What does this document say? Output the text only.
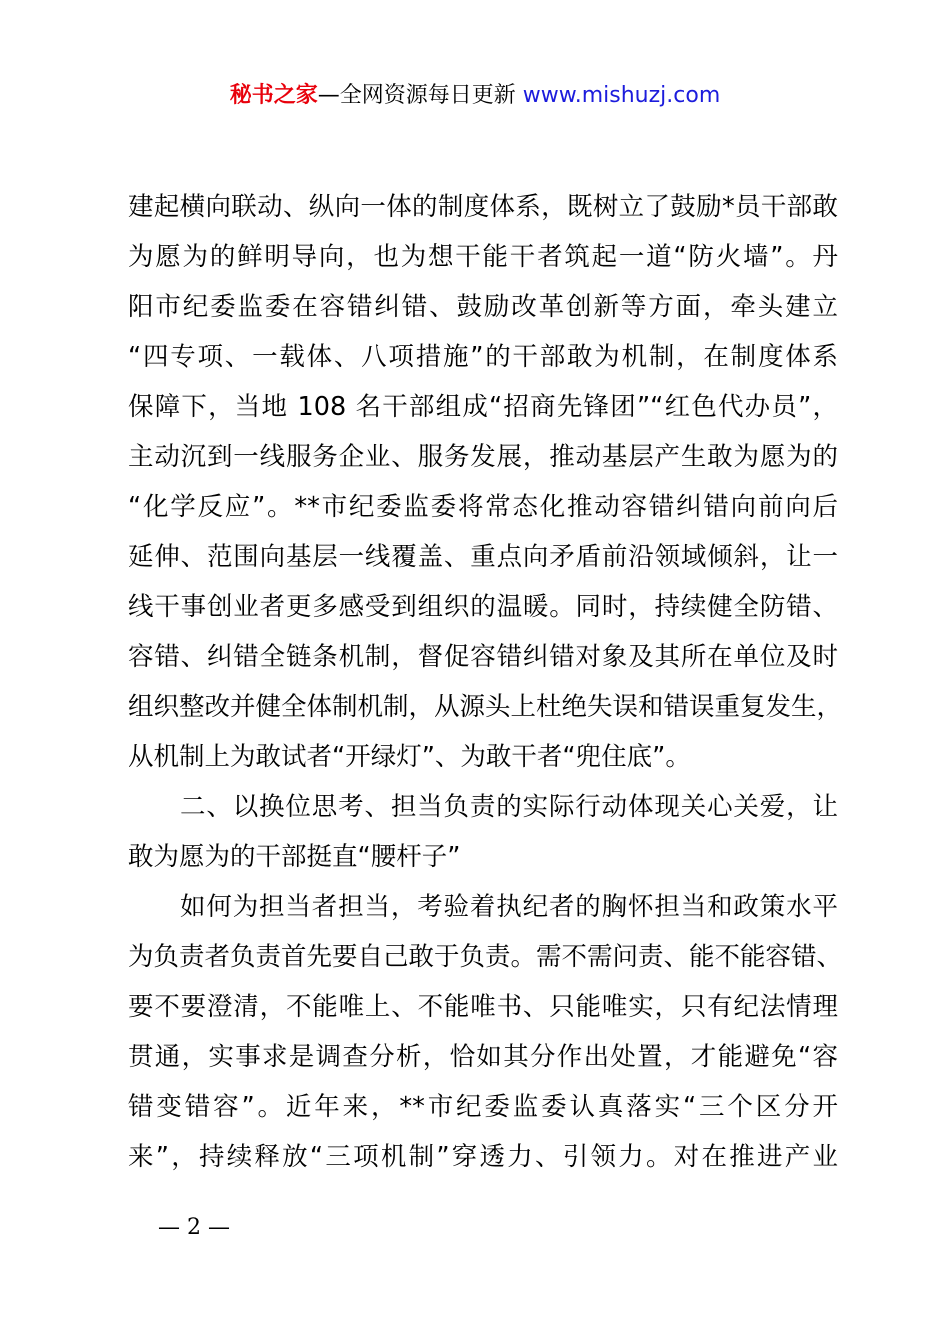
秘书之家—全网资源每日更新 www.mishuzj.com
建起横向联动、纵向一体的制度体系，既树立了鼓励*员干部敢
为愿为的鲜明导向，也为想干能干者筑起一道“防火墙”。丹
阳市纪委监委在容错纠错、鼓励改革创新等方面，牵头建立
“四专项、一载体、八项措施”的干部敢为机制，在制度体系
保障下，当地 108 名干部组成“招商先锋团”“红色代办员”，
主动沉到一线服务企业、服务发展，推动基层产生敢为愿为的
“化学反应”。**市纪委监委将常态化推动容错纠错向前向后
延伸、范围向基层一线覆盖、重点向矛盾前沿领域倾斜，让一
线干事创业者更多感受到组织的温暖。同时，持续健全防错、
容错、纠错全链条机制，督促容错纠错对象及其所在单位及时
组织整改并健全体制机制，从源头上杜绝失误和错误重复发生，
从机制上为敢试者“开绿灯”、为敢干者“兜住底”。
二、以换位思考、担当负责的实际行动体现关心关爱，让
敢为愿为的干部挺直“腰杆子”
如何为担当者担当，考验着执纪者的胸怀担当和政策水平
为负责者负责首先要自己敢于负责。需不需问责、能不能容错、
要不要澄清，不能唯上、不能唯书、只能唯实，只有纪法情理
贯通，实事求是调查分析，恰如其分作出处置，才能避免“容
错变错容”。近年来，**市纪委监委认真落实“三个区分开
来”，持续释放“三项机制”穿透力、引领力。对在推进产业
— 2 —
